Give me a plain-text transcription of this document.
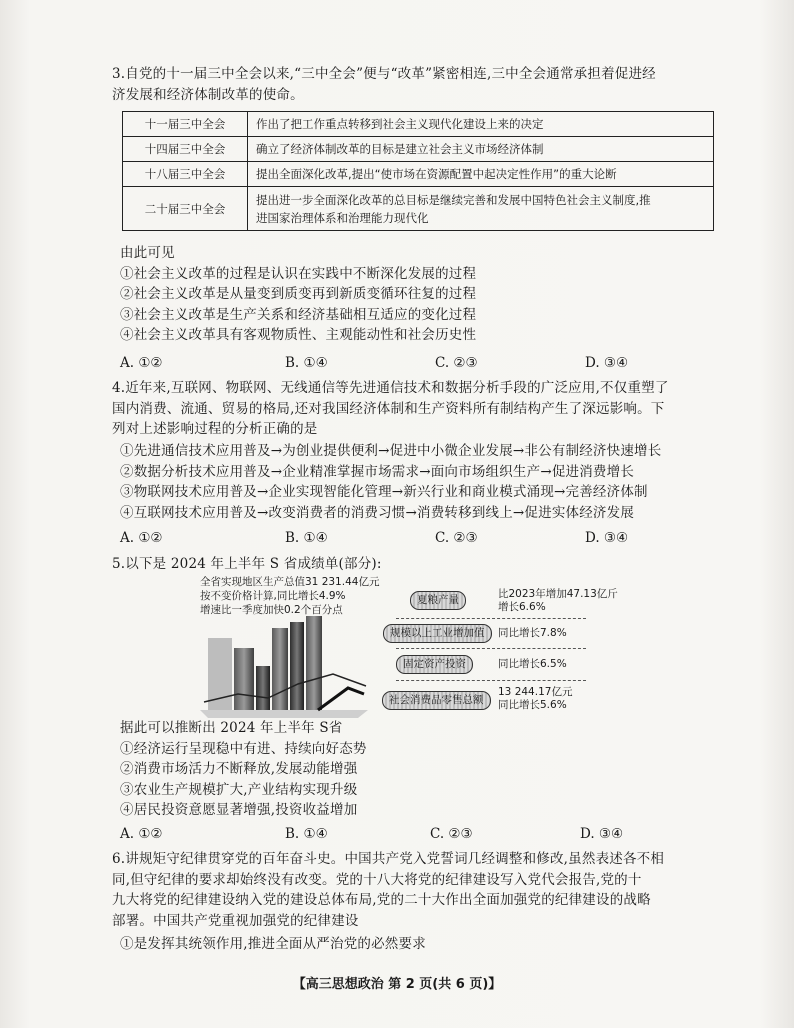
3.自党的十一届三中全会以来,“三中全会”便与“改革”紧密相连,三中全会通常承担着促进经
济发展和经济体制改革的使命。
十一届三中全会	作出了把工作重点转移到社会主义现代化建设上来的决定
十四届三中全会	确立了经济体制改革的目标是建立社会主义市场经济体制
十八届三中全会	提出全面深化改革,提出“使市场在资源配置中起决定性作用”的重大论断
二十届三中全会	提出进一步全面深化改革的总目标是继续完善和发展中国特色社会主义制度,推
进国家治理体系和治理能力现代化
由此可见
①社会主义改革的过程是认识在实践中不断深化发展的过程
②社会主义改革是从量变到质变再到新质变循环往复的过程
③社会主义改革是生产关系和经济基础相互适应的变化过程
④社会主义改革具有客观物质性、主观能动性和社会历史性
A. ①②	B. ①④	C. ②③	D. ③④
4.近年来,互联网、物联网、无线通信等先进通信技术和数据分析手段的广泛应用,不仅重塑了
国内消费、流通、贸易的格局,还对我国经济体制和生产资料所有制结构产生了深远影响。下
列对上述影响过程的分析正确的是
①先进通信技术应用普及→为创业提供便利→促进中小微企业发展→非公有制经济快速增长
②数据分析技术应用普及→企业精准掌握市场需求→面向市场组织生产→促进消费增长
③物联网技术应用普及→企业实现智能化管理→新兴行业和商业模式涌现→完善经济体制
④互联网技术应用普及→改变消费者的消费习惯→消费转移到线上→促进实体经济发展
A. ①②	B. ①④	C. ②③	D. ③④
5.以下是 2024 年上半年 S 省成绩单(部分):
全省实现地区生产总值31 231.44亿元
按不变价格计算,同比增长4.9%
增速比一季度加快0.2个百分点
夏粮产量	比2023年增加47.13亿斤
增长6.6%
规模以上工业增加值	同比增长7.8%
固定资产投资	同比增长6.5%
社会消费品零售总额
13 244.17亿元
同比增长5.6%
据此可以推断出 2024 年上半年 S省
①经济运行呈现稳中有进、持续向好态势
②消费市场活力不断释放,发展动能增强
③农业生产规模扩大,产业结构实现升级
④居民投资意愿显著增强,投资收益增加
A. ①②	B. ①④	C. ②③	D. ③④
6.讲规矩守纪律贯穿党的百年奋斗史。中国共产党入党誓词几经调整和修改,虽然表述各不相
同,但守纪律的要求却始终没有改变。党的十八大将党的纪律建设写入党代会报告,党的十
九大将党的纪律建设纳入党的建设总体布局,党的二十大作出全面加强党的纪律建设的战略
部署。中国共产党重视加强党的纪律建设
①是发挥其统领作用,推进全面从严治党的必然要求
【高三思想政治 第 2 页(共 6 页)】
